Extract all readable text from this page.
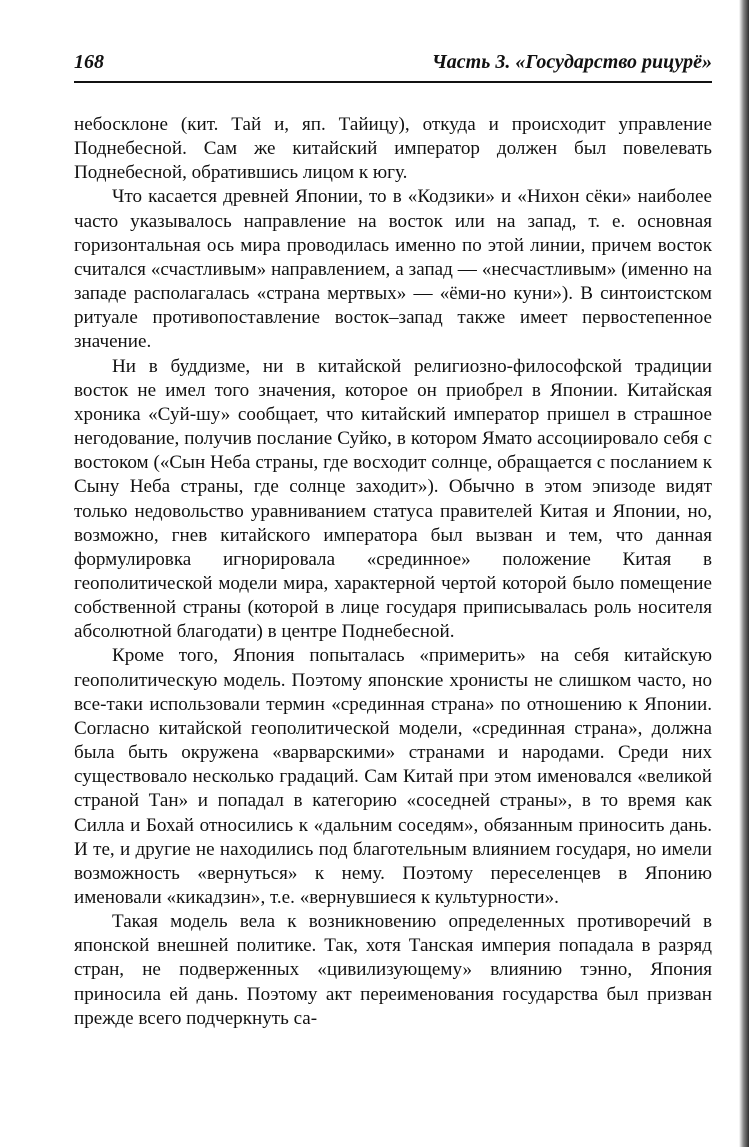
168	Часть 3. «Государство рицурё»

небосклоне (кит. Тай и, яп. Тайицу), откуда и происходит управление Поднебесной. Сам же китайский император должен был повелевать Поднебесной, обратившись лицом к югу.

Что касается древней Японии, то в «Кодзики» и «Нихон сёки» наиболее часто указывалось направление на восток или на запад, т. е. основная горизонтальная ось мира проводилась именно по этой линии, причем восток считался «счастливым» направлением, а запад — «несчастливым» (именно на западе располагалась «страна мертвых» — «ёми-но куни»). В синтоистском ритуале противопоставление восток–запад также имеет первостепенное значение.

Ни в буддизме, ни в китайской религиозно-философской традиции восток не имел того значения, которое он приобрел в Японии. Китайская хроника «Суй-шу» сообщает, что китайский император пришел в страшное негодование, получив послание Суйко, в котором Ямато ассоциировало себя с востоком («Сын Неба страны, где восходит солнце, обращается с посланием к Сыну Неба страны, где солнце заходит»). Обычно в этом эпизоде видят только недовольство уравниванием статуса правителей Китая и Японии, но, возможно, гнев китайского императора был вызван и тем, что данная формулировка игнорировала «срединное» положение Китая в геополитической модели мира, характерной чертой которой было помещение собственной страны (которой в лице государя приписывалась роль носителя абсолютной благодати) в центре Поднебесной.

Кроме того, Япония попыталась «примерить» на себя китайскую геополитическую модель. Поэтому японские хронисты не слишком часто, но все-таки использовали термин «срединная страна» по отношению к Японии. Согласно китайской геополитической модели, «срединная страна», должна была быть окружена «варварскими» странами и народами. Среди них существовало несколько градаций. Сам Китай при этом именовался «великой страной Тан» и попадал в категорию «соседней страны», в то время как Силла и Бохай относились к «дальним соседям», обязанным приносить дань. И те, и другие не находились под благотельным влиянием государя, но имели возможность «вернуться» к нему. Поэтому переселенцев в Японию именовали «кикадзин», т.е. «вернувшиеся к культурности».

Такая модель вела к возникновению определенных противоречий в японской внешней политике. Так, хотя Танская империя попадала в разряд стран, не подверженных «цивилизующему» влиянию тэнно, Япония приносила ей дань. Поэтому акт переименования государства был призван прежде всего подчеркнуть са-
